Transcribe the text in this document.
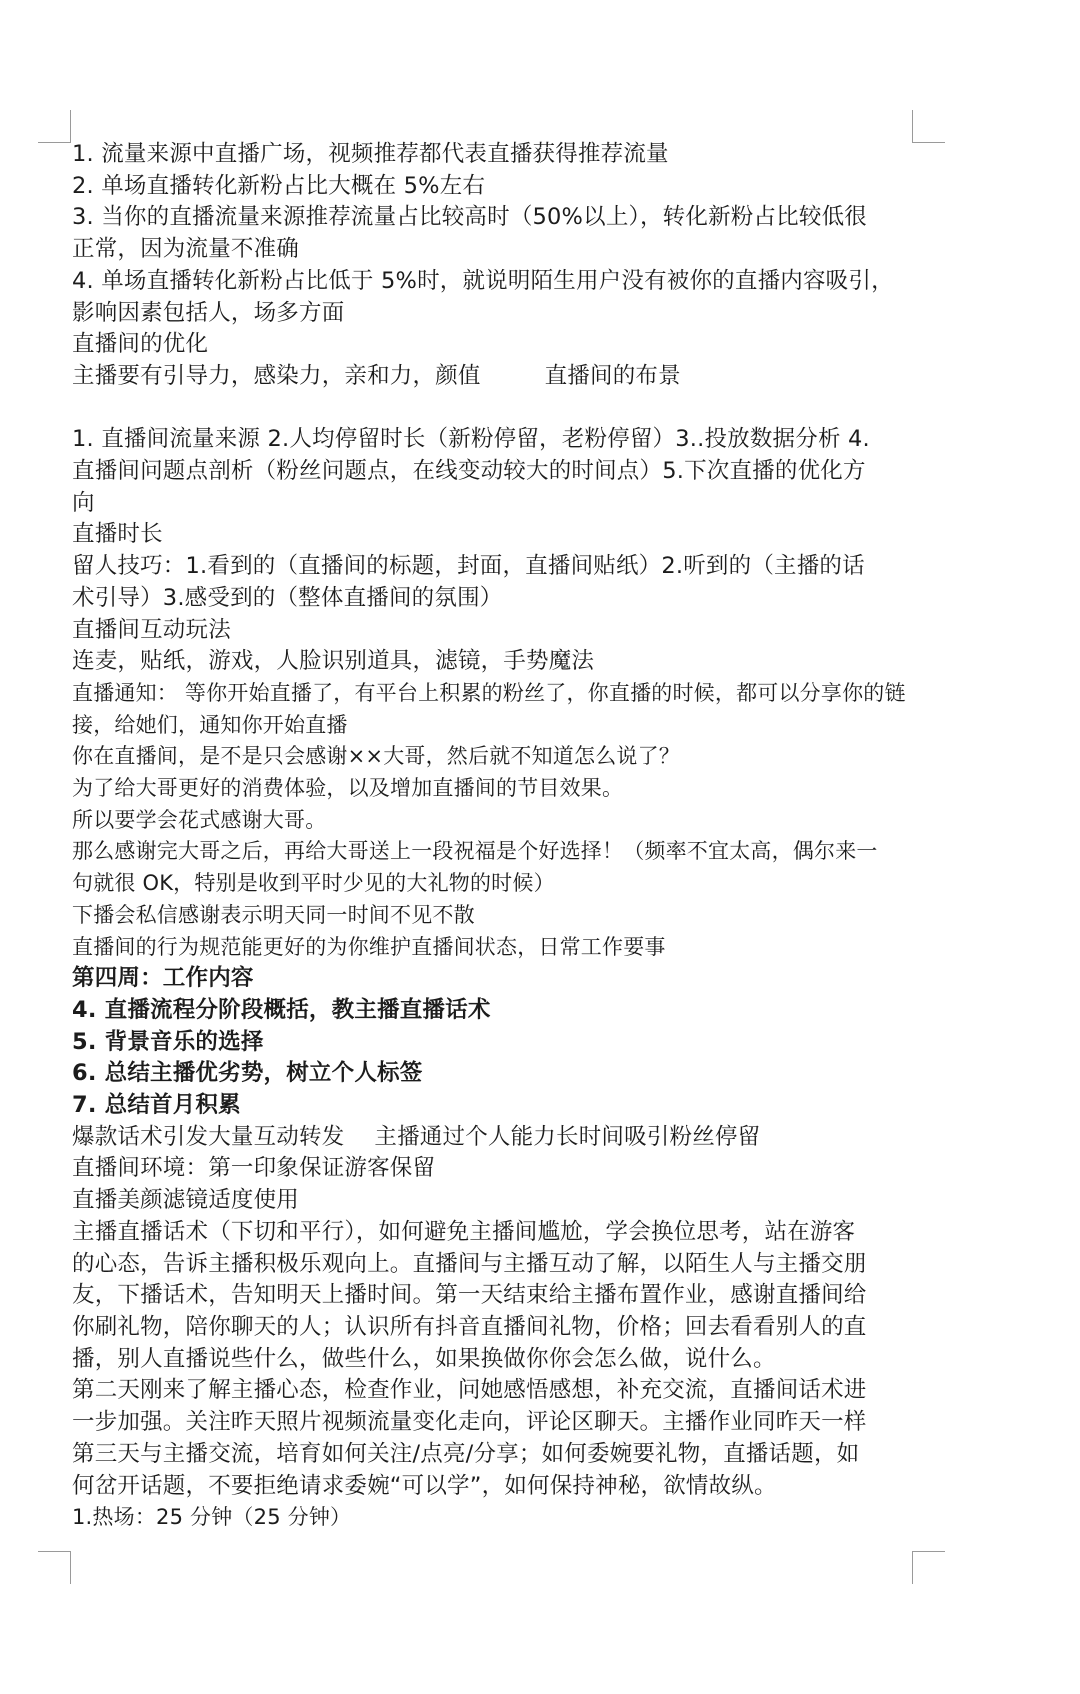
1. 流量来源中直播广场，视频推荐都代表直播获得推荐流量
2. 单场直播转化新粉占比大概在 5%左右
3. 当你的直播流量来源推荐流量占比较高时（50%以上），转化新粉占比较低很
正常，因为流量不准确
4. 单场直播转化新粉占比低于 5%时，就说明陌生用户没有被你的直播内容吸引，
影响因素包括人，场多方面
直播间的优化
主播要有引导力，感染力，亲和力，颜值	直播间的布景
1. 直播间流量来源 2.人均停留时长（新粉停留，老粉停留）3..投放数据分析 4.
直播间问题点剖析（粉丝问题点，在线变动较大的时间点）5.下次直播的优化方
向
直播时长
留人技巧：1.看到的（直播间的标题，封面，直播间贴纸）2.听到的（主播的话
术引导）3.感受到的（整体直播间的氛围）
直播间互动玩法
连麦，贴纸，游戏，人脸识别道具，滤镜，手势魔法
直播通知： 等你开始直播了，有平台上积累的粉丝了，你直播的时候，都可以分享你的链
接，给她们，通知你开始直播
你在直播间，是不是只会感谢××大哥，然后就不知道怎么说了？
为了给大哥更好的消费体验，以及增加直播间的节目效果。
所以要学会花式感谢大哥。
那么感谢完大哥之后，再给大哥送上一段祝福是个好选择！（频率不宜太高，偶尔来一
句就很 OK，特别是收到平时少见的大礼物的时候）
下播会私信感谢表示明天同一时间不见不散
直播间的行为规范能更好的为你维护直播间状态，日常工作要事
第四周：工作内容
4. 直播流程分阶段概括，教主播直播话术
5. 背景音乐的选择
6. 总结主播优劣势，树立个人标签
7. 总结首月积累
爆款话术引发大量互动转发 主播通过个人能力长时间吸引粉丝停留
直播间环境：第一印象保证游客保留
直播美颜滤镜适度使用
主播直播话术（下切和平行），如何避免主播间尴尬，学会换位思考，站在游客
的心态，告诉主播积极乐观向上。直播间与主播互动了解，以陌生人与主播交朋
友，下播话术，告知明天上播时间。第一天结束给主播布置作业，感谢直播间给
你刷礼物，陪你聊天的人；认识所有抖音直播间礼物，价格；回去看看别人的直
播，别人直播说些什么，做些什么，如果换做你你会怎么做，说什么。
第二天刚来了解主播心态，检查作业，问她感悟感想，补充交流，直播间话术进
一步加强。关注昨天照片视频流量变化走向，评论区聊天。主播作业同昨天一样
第三天与主播交流，培育如何关注/点亮/分享；如何委婉要礼物，直播话题，如
何岔开话题，不要拒绝请求委婉“可以学”，如何保持神秘，欲情故纵。
1.热场：25 分钟（25 分钟）
